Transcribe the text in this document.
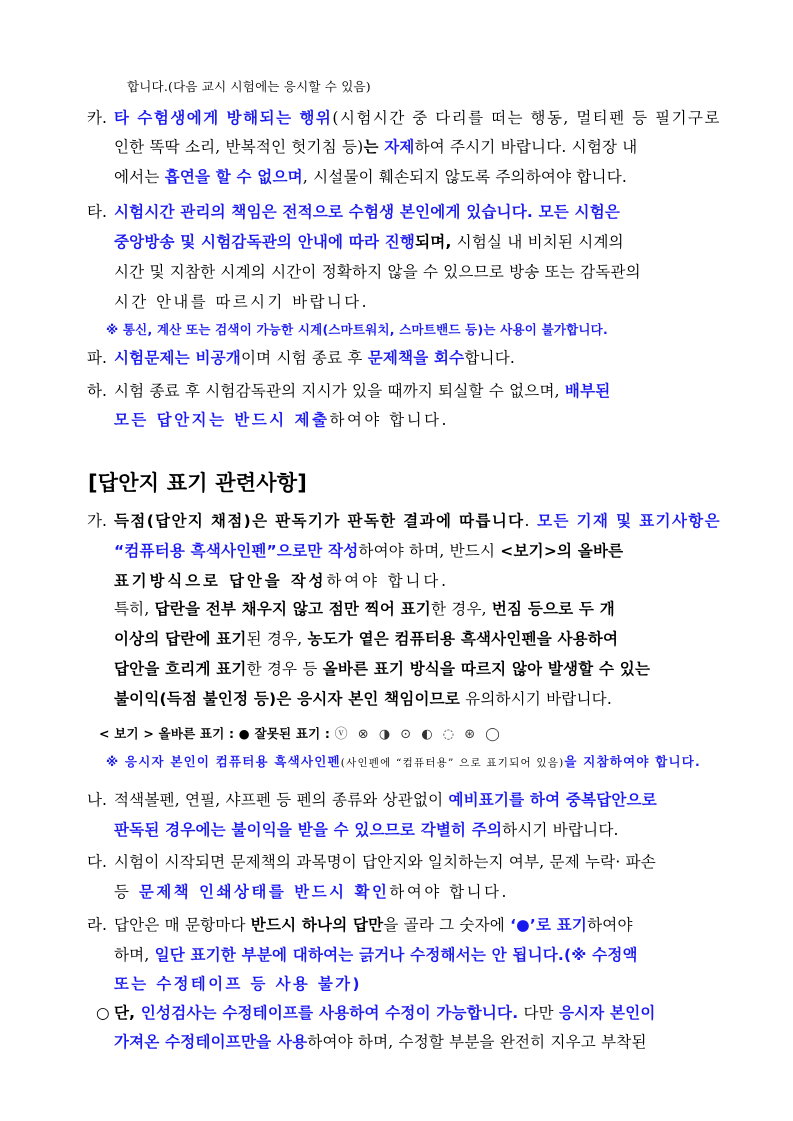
합니다.(다음 교시 시험에는 응시할 수 있음)
카. 타 수험생에게 방해되는 행위(시험시간 중 다리를 떠는 행동, 멀티펜 등 필기구로
인한 똑딱 소리, 반복적인 헛기침 등)는 자제하여 주시기 바랍니다. 시험장 내
에서는 흡연을 할 수 없으며, 시설물이 훼손되지 않도록 주의하여야 합니다.
타. 시험시간 관리의 책임은 전적으로 수험생 본인에게 있습니다. 모든 시험은
중앙방송 및 시험감독관의 안내에 따라 진행되며, 시험실 내 비치된 시계의
시간 및 지참한 시계의 시간이 정확하지 않을 수 있으므로 방송 또는 감독관의
시간 안내를 따르시기 바랍니다.
※ 통신, 계산 또는 검색이 가능한 시계(스마트워치, 스마트밴드 등)는 사용이 불가합니다.
파. 시험문제는 비공개이며 시험 종료 후 문제책을 회수합니다.
하. 시험 종료 후 시험감독관의 지시가 있을 때까지 퇴실할 수 없으며, 배부된
모든 답안지는 반드시 제출하여야 합니다.
[답안지 표기 관련사항]
가. 득점(답안지 채점)은 판독기가 판독한 결과에 따릅니다. 모든 기재 및 표기사항은
“컴퓨터용 흑색사인펜”으로만 작성하여야 하며, 반드시 <보기>의 올바른
표기방식으로 답안을 작성하여야 합니다.
특히, 답란을 전부 채우지 않고 점만 찍어 표기한 경우, 번짐 등으로 두 개
이상의 답란에 표기된 경우, 농도가 옅은 컴퓨터용 흑색사인펜을 사용하여
답안을 흐리게 표기한 경우 등 올바른 표기 방식을 따르지 않아 발생할 수 있는
불이익(득점 불인정 등)은 응시자 본인 책임이므로 유의하시기 바랍니다.
< 보기 > 올바른 표기 : ● 잘못된 표기 : ⓥ ⊗ ◑ ⊙ ◐ ◌ ⊛ ◯
※ 응시자 본인이 컴퓨터용 흑색사인펜(사인펜에 “컴퓨터용” 으로 표기되어 있음)을 지참하여야 합니다.
나. 적색볼펜, 연필, 샤프펜 등 펜의 종류와 상관없이 예비표기를 하여 중복답안으로
판독된 경우에는 불이익을 받을 수 있으므로 각별히 주의하시기 바랍니다.
다. 시험이 시작되면 문제책의 과목명이 답안지와 일치하는지 여부, 문제 누락· 파손
등 문제책 인쇄상태를 반드시 확인하여야 합니다.
라. 답안은 매 문항마다 반드시 하나의 답만을 골라 그 숫자에 ‘●’로 표기하여야
하며, 일단 표기한 부분에 대하여는 긁거나 수정해서는 안 됩니다.(※ 수정액
또는 수정테이프 등 사용 불가)
○ 단, 인성검사는 수정테이프를 사용하여 수정이 가능합니다. 다만 응시자 본인이
가져온 수정테이프만을 사용하여야 하며, 수정할 부분을 완전히 지우고 부착된
